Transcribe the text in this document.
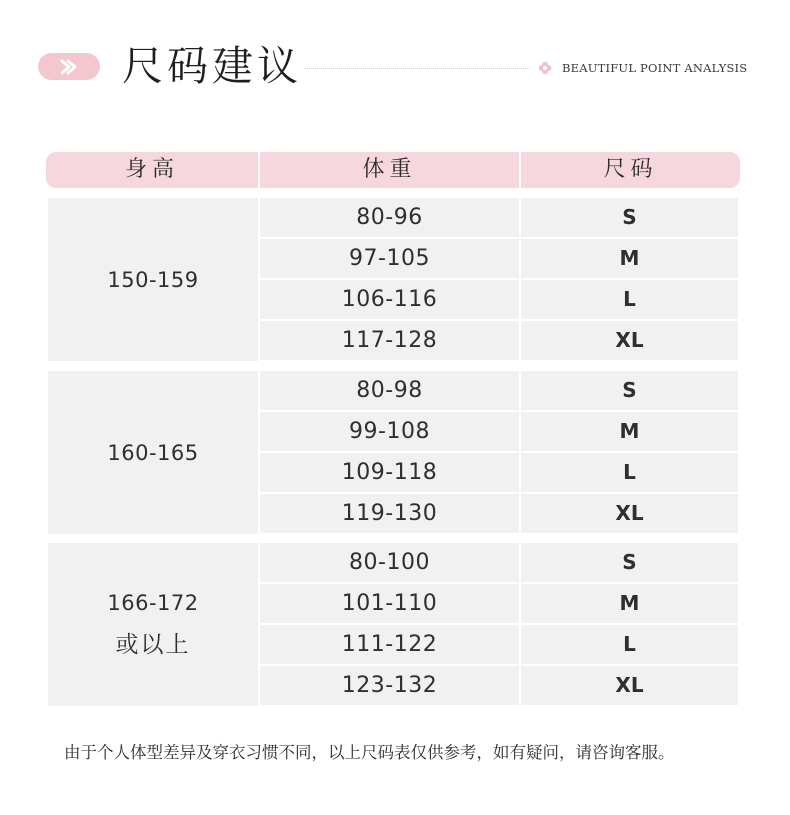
尺码建议	BEAUTIFUL POINT ANALYSIS
身高	体重	尺码
150-159
80-96	S
97-105	M
106-116	L
117-128	XL
160-165
80-98	S
99-108	M
109-118	L
119-130	XL
166-172
或以上
80-100	S
101-110	M
111-122	L
123-132	XL

由于个人体型差异及穿衣习惯不同，以上尺码表仅供参考，如有疑问，请咨询客服。
